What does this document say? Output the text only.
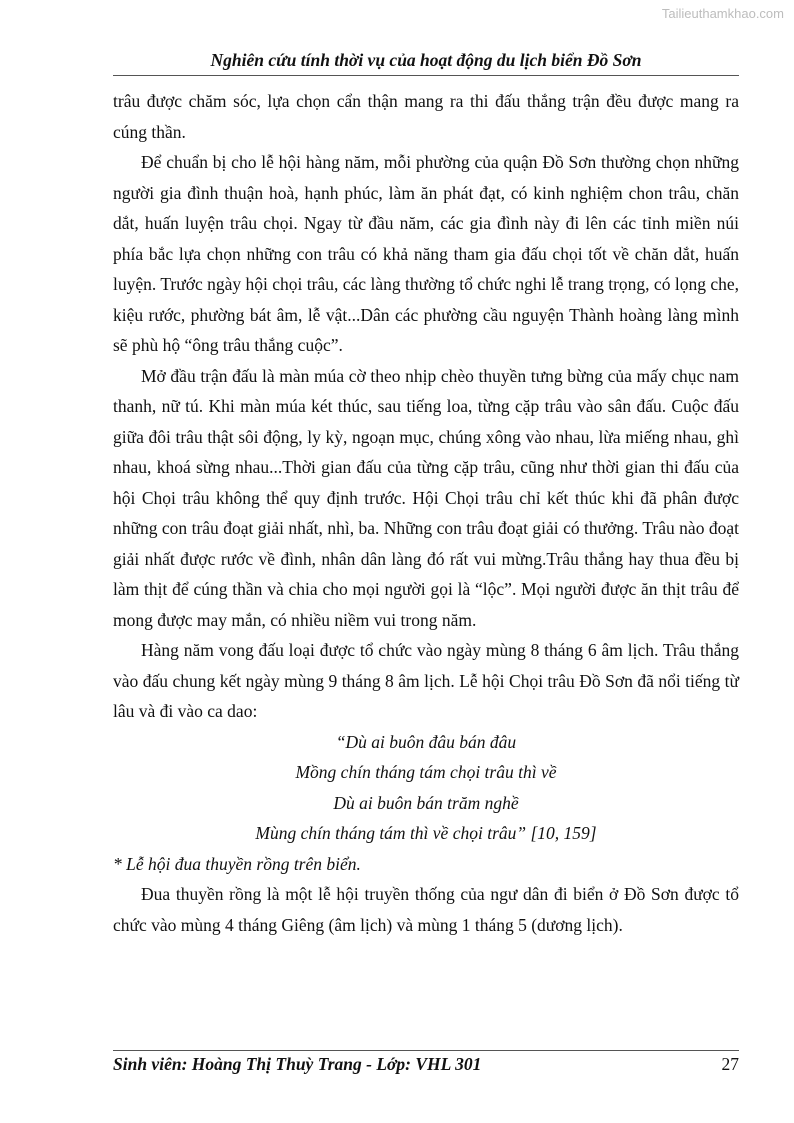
Tailieuthamkhao.com
Nghiên cứu tính thời vụ của hoạt động du lịch biển Đồ Sơn

trâu được chăm sóc, lựa chọn cẩn thận mang ra thi đấu thắng trận đều được mang ra cúng thần.

Để chuẩn bị cho lễ hội hàng năm, mỗi phường của quận Đồ Sơn thường chọn những người gia đình thuận hoà, hạnh phúc, làm ăn phát đạt, có kinh nghiệm chon trâu, chăn dắt, huấn luyện trâu chọi. Ngay từ đầu năm, các gia đình này đi lên các tỉnh miền núi phía bắc lựa chọn những con trâu có khả năng tham gia đấu chọi tốt về chăn dắt, huấn luyện. Trước ngày hội chọi trâu, các làng thường tổ chức nghi lễ trang trọng, có lọng che, kiệu rước, phường bát âm, lễ vật...Dân các phường cầu nguyện Thành hoàng làng mình sẽ phù hộ “ông trâu thắng cuộc”.

Mở đầu trận đấu là màn múa cờ theo nhịp chèo thuyền tưng bừng của mấy chục nam thanh, nữ tú. Khi màn múa két thúc, sau tiếng loa, từng cặp trâu vào sân đấu. Cuộc đấu giữa đôi trâu thật sôi động, ly kỳ, ngoạn mục, chúng xông vào nhau, lừa miếng nhau, ghì nhau, khoá sừng nhau...Thời gian đấu của từng cặp trâu, cũng như thời gian thi đấu của hội Chọi trâu không thể quy định trước. Hội Chọi trâu chỉ kết thúc khi đã phân được những con trâu đoạt giải nhất, nhì, ba. Những con trâu đoạt giải có thưởng. Trâu nào đoạt giải nhất được rước về đình, nhân dân làng đó rất vui mừng.Trâu thắng hay thua đều bị làm thịt để cúng thần và chia cho mọi người gọi là “lộc”. Mọi người được ăn thịt trâu để mong được may mắn, có nhiều niềm vui trong năm.

Hàng năm vong đấu loại được tổ chức vào ngày mùng 8 tháng 6 âm lịch. Trâu thắng vào đấu chung kết ngày mùng 9 tháng 8 âm lịch. Lễ hội Chọi trâu Đồ Sơn đã nổi tiếng từ lâu và đi vào ca dao:

“Dù ai buôn đâu bán đâu
Mồng chín tháng tám chọi trâu thì về
Dù ai buôn bán trăm nghề
Mùng chín tháng tám thì về chọi trâu” [10, 159]

* Lễ hội đua thuyền rồng trên biển.

Đua thuyền rồng là một lễ hội truyền thống của ngư dân đi biển ở Đồ Sơn được tổ chức vào mùng 4 tháng Giêng (âm lịch) và mùng 1 tháng 5 (dương lịch).

Sinh viên: Hoàng Thị Thuỳ Trang - Lớp: VHL 301	27
